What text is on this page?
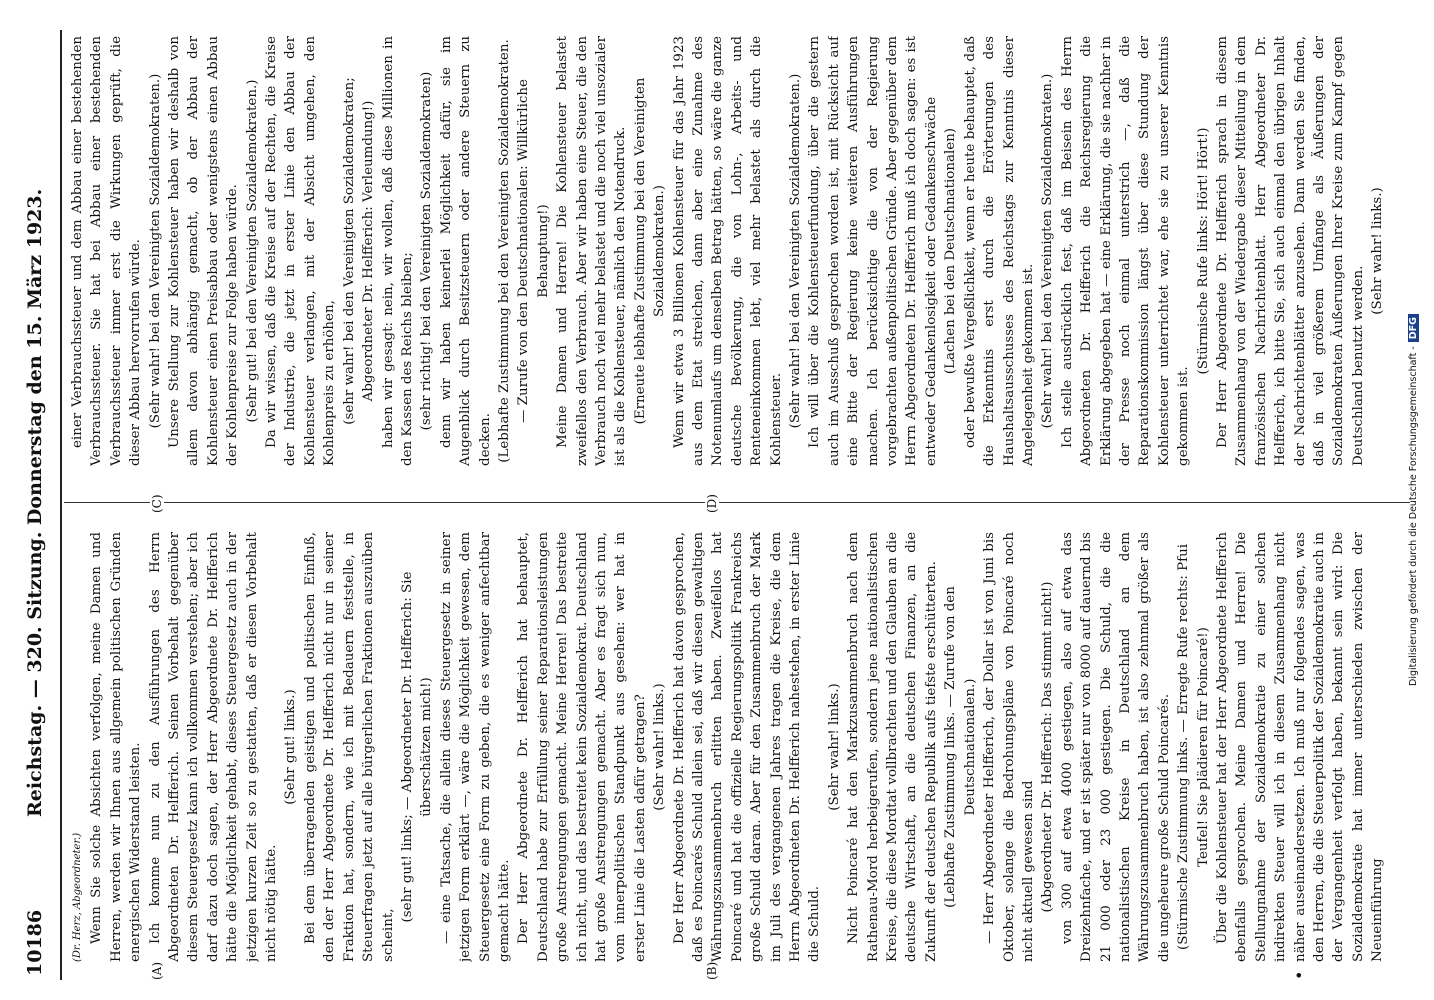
10186
Reichstag. — 320. Sitzung. Donnerstag den 15. März 1923.
(A)	(B)
(C)	(D)
•

(Dr. Herz, Abgeordneter.) Wenn Sie solche Absichten verfolgen, meine Damen und Herren, werden wir Ihnen aus allgemein politischen Gründen energischen Widerstand leisten. Ich komme nun zu den Ausführungen des Herrn Abgeordneten Dr. Helfferich. Seinen Vorbehalt gegenüber diesem Steuergesetz kann ich vollkommen verstehen; aber ich darf dazu doch sagen, der Herr Abgeordnete Dr. Helfferich hätte die Möglichkeit gehabt, dieses Steuergesetz auch in der jetzigen kurzen Zeit so zu gestatten, daß er diesen Vorbehalt nicht nötig hätte.

(Sehr gut! links.) Bei dem überragenden geistigen und politischen Einfluß, den der Herr Abgeordnete Dr. Helfferich nicht nur in seiner Fraktion hat, sondern, wie ich mit Bedauern feststelle, in Steuerfragen jetzt auf alle bürgerlichen Fraktionen auszuüben scheint,

(sehr gut! links; — Abgeordneter Dr. Helfferich: Sie überschätzen mich!) — eine Tatsache, die allein dieses Steuergesetz in seiner jetzigen Form erklärt —, wäre die Möglichkeit gewesen, dem Steuergesetz eine Form zu geben, die es weniger anfechtbar gemacht hätte. Der Herr Abgeordnete Dr. Helfferich hat behauptet, Deutschland habe zur Erfüllung seiner Reparationsleistungen große Anstrengungen gemacht. Meine Herren! Das bestreite ich nicht, und das bestreitet kein Sozialdemokrat. Deutschland hat große Anstrengungen gemacht. Aber es fragt sich nun, vom innerpolitischen Standpunkt aus gesehen: wer hat in erster Linie die Lasten dafür getragen? (Sehr wahr! links.) Der Herr Abgeordnete Dr. Helfferich hat davon gesprochen, daß es Poincarés Schuld allein sei, daß wir diesen gewaltigen Währungszusammenbruch erlitten haben. Zweifellos hat Poincaré und hat die offizielle Regierungspolitik Frankreichs große Schuld daran. Aber für den Zusammenbruch der Mark im Juli des vergangenen Jahres tragen die Kreise, die dem Herrn Abgeordneten Dr. Helfferich nahestehen, in erster Linie die Schuld.

(Sehr wahr! links.) Nicht Poincaré hat den Markzusammenbruch nach dem Rathenau-Mord herbeigerufen, sondern jene nationalistischen Kreise, die diese Mordtat vollbrachten und den Glauben an die deutsche Wirtschaft, an die deutschen Finanzen, an die Zukunft der deutschen Republik aufs tiefste erschütterten. (Lebhafte Zustimmung links. — Zurufe von den Deutschnationalen.) — Herr Abgeordneter Helfferich, der Dollar ist von Juni bis Oktober, solange die Bedrohungspläne von Poincaré noch nicht aktuell gewesen sind (Abgeordneter Dr. Helfferich: Das stimmt nicht!) von 300 auf etwa 4000 gestiegen, also auf etwa das Dreizehnfache, und er ist später nur von 8000 auf dauernd bis 21 000 oder 23 000 gestiegen. Die Schuld, die die nationalistischen Kreise in Deutschland an dem Währungszusammenbruch haben, ist also zehnmal größer als die ungeheure große Schuld Poincarés. (Stürmische Zustimmung links. — Erregte Rufe rechts: Pfui Teufel! Sie plädieren für Poincaré!) Über die Kohlensteuer hat der Herr Abgeordnete Helfferich ebenfalls gesprochen. Meine Damen und Herren! Die Stellungnahme der Sozialdemokratie zu einer solchen indirekten Steuer will ich in diesem Zusammenhang nicht näher auseinandersetzen. Ich muß nur folgendes sagen, was den Herren, die die Steuerpolitik der Sozialdemokratie auch in der Vergangenheit verfolgt haben, bekannt sein wird: Die Sozialdemokratie hat immer unterschieden zwischen der Neueinführung

einer Verbrauchssteuer und dem Abbau einer bestehenden Verbrauchssteuer. Sie hat bei Abbau einer bestehenden Verbrauchssteuer immer erst die Wirkungen geprüft, die dieser Abbau hervorrufen würde. (Sehr wahr! bei den Vereinigten Sozialdemokraten.) Unsere Stellung zur Kohlensteuer haben wir deshalb von allem davon abhängig gemacht, ob der Abbau der Kohlensteuer einen Preisabbau oder wenigstens einen Abbau der Kohlenpreise zur Folge haben würde. (Sehr gut! bei den Vereinigten Sozialdemokraten.) Da wir wissen, daß die Kreise auf der Rechten, die Kreise der Industrie, die jetzt in erster Linie den Abbau der Kohlensteuer verlangen, mit der Absicht umgehen, den Kohlenpreis zu erhöhen, (sehr wahr! bei den Vereinigten Sozialdemokraten; Abgeordneter Dr. Helfferich: Verleumdung!) haben wir gesagt: nein, wir wollen, daß diese Millionen in den Kassen des Reichs bleiben; (sehr richtig! bei den Vereinigten Sozialdemokraten) denn wir haben keinerlei Möglichkeit dafür, sie im Augenblick durch Besitzsteuern oder andere Steuern zu decken. (Lebhafte Zustimmung bei den Vereinigten Sozialdemokraten. — Zurufe von den Deutschnationalen: Willkürliche Behauptung!) Meine Damen und Herren! Die Kohlensteuer belastet zweifellos den Verbrauch. Aber wir haben eine Steuer, die den Verbrauch noch viel mehr belastet und die noch viel unsozialer ist als die Kohlensteuer, nämlich den Notendruck. (Erneute lebhafte Zustimmung bei den Vereinigten Sozialdemokraten.) Wenn wir etwa 3 Billionen Kohlensteuer für das Jahr 1923 aus dem Etat streichen, dann aber eine Zunahme des Notenumlaufs um denselben Betrag hätten, so wäre die ganze deutsche Bevölkerung, die von Lohn-, Arbeits- und Renteneinkommen lebt, viel mehr belastet als durch die Kohlensteuer. (Sehr wahr! bei den Vereinigten Sozialdemokraten.) Ich will über die Kohlensteuerfundung, über die gestern auch im Ausschuß gesprochen worden ist, mit Rücksicht auf eine Bitte der Regierung keine weiteren Ausführungen machen. Ich berücksichtige die von der Regierung vorgebrachten außenpolitischen Gründe. Aber gegenüber dem Herrn Abgeordneten Dr. Helfferich muß ich doch sagen: es ist entweder Gedankenlosigkeit oder Gedankenschwäche (Lachen bei den Deutschnationalen) oder bewußte Vergeßlichkeit, wenn er heute behauptet, daß die Erkenntnis erst durch die Erörterungen des Haushaltsausschusses des Reichstags zur Kenntnis dieser Angelegenheit gekommen ist. (Sehr wahr! bei den Vereinigten Sozialdemokraten.) Ich stelle ausdrücklich fest, daß im Beisein des Herrn Abgeordneten Dr. Helfferich die Reichsregierung die Erklärung abgegeben hat — eine Erklärung, die sie nachher in der Presse noch einmal unterstrich —, daß die Reparationskommission längst über diese Stundung der Kohlensteuer unterrichtet war, ehe sie zu unserer Kenntnis gekommen ist.

(Stürmische Rufe links: Hört! Hört!) Der Herr Abgeordnete Dr. Helfferich sprach in diesem Zusammenhang von der Wiedergabe dieser Mitteilung in dem französischen Nachrichtenblatt. Herr Abgeordneter Dr. Helfferich, ich bitte Sie, sich auch einmal den übrigen Inhalt der Nachrichtenblätter anzusehen. Dann werden Sie finden, daß in viel größerem Umfange als Äußerungen der Sozialdemokraten Äußerungen Ihrer Kreise zum Kampf gegen Deutschland benutzt werden.

(Sehr wahr! links.)

Digitalisierung gefördert durch die Deutsche Forschungsgemeinschaft -DFG
